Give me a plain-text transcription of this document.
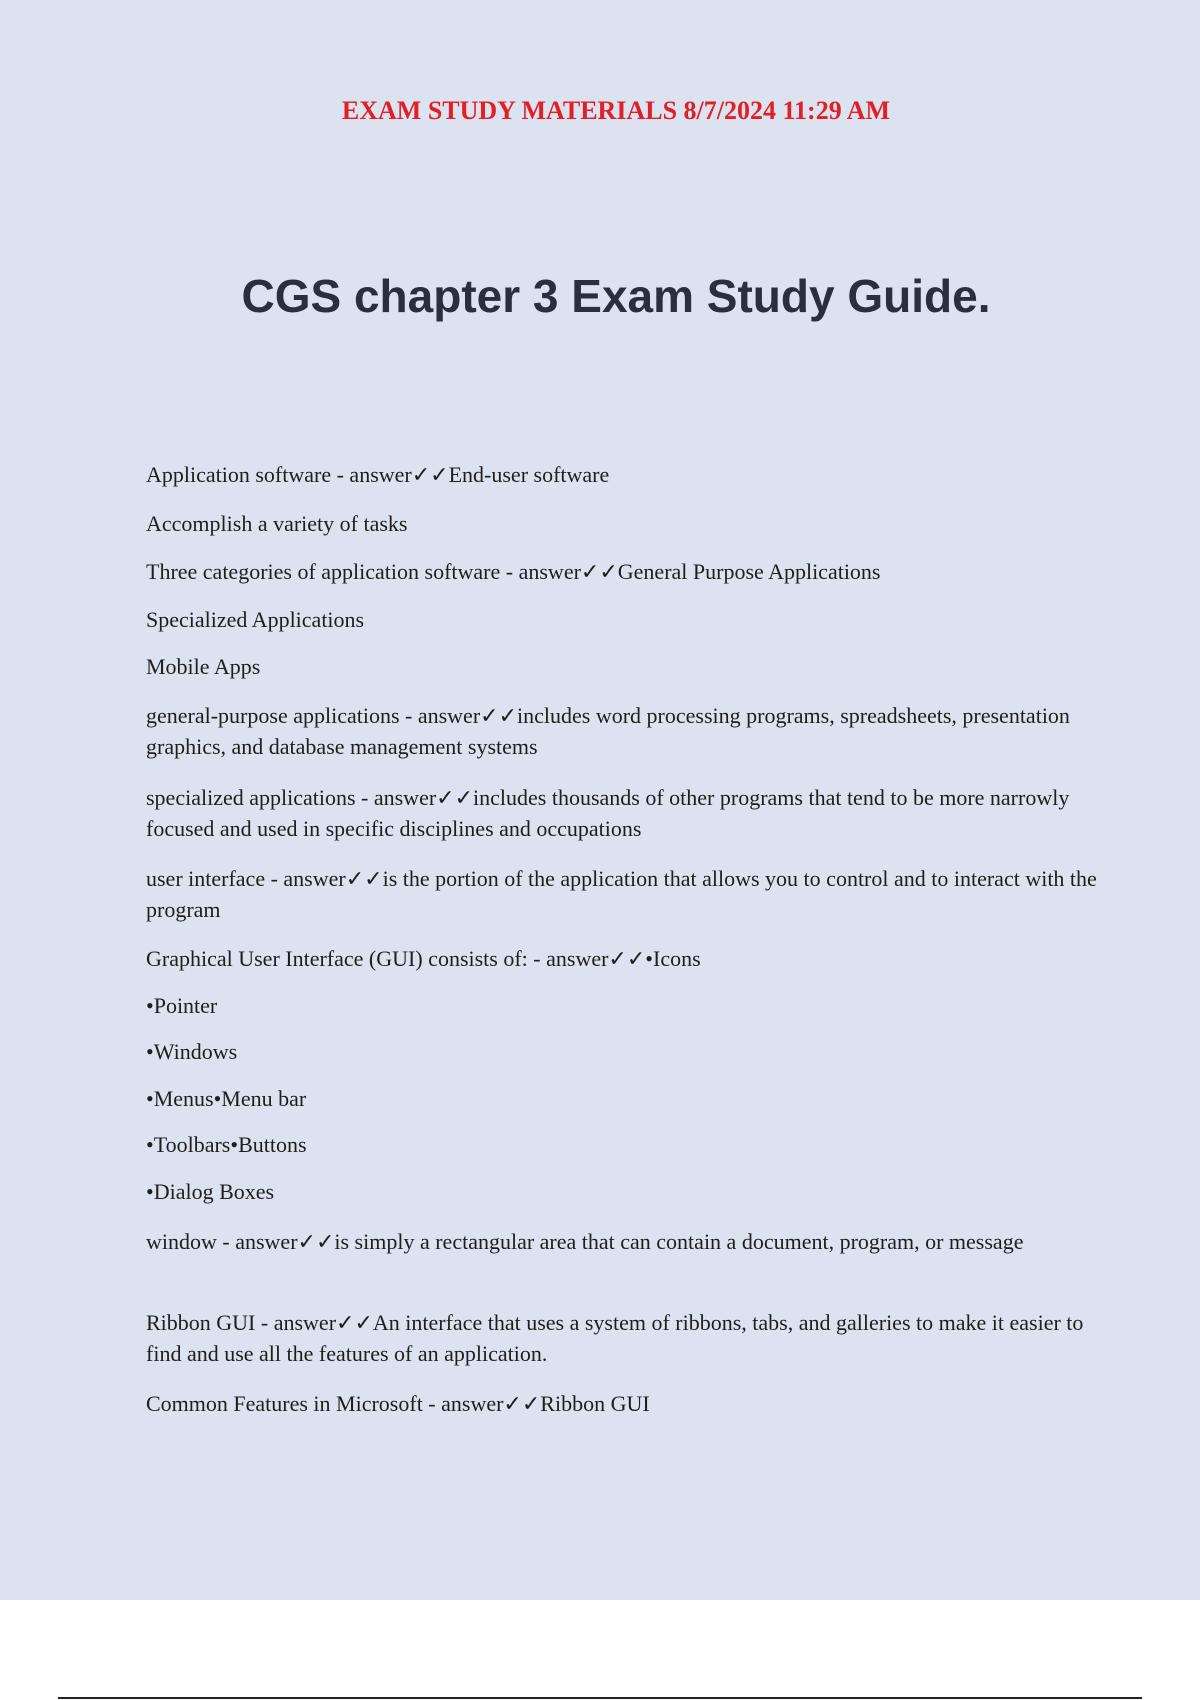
EXAM STUDY MATERIALS 8/7/2024 11:29 AM
CGS chapter 3 Exam Study Guide.

Application software - answer✓✓End-user software

Accomplish a variety of tasks

Three categories of application software - answer✓✓General Purpose Applications

Specialized Applications

Mobile Apps

general-purpose applications - answer✓✓includes word processing programs, spreadsheets, presentation graphics, and database management systems

specialized applications - answer✓✓includes thousands of other programs that tend to be more narrowly focused and used in specific disciplines and occupations

user interface - answer✓✓is the portion of the application that allows you to control and to interact with the program

Graphical User Interface (GUI) consists of: - answer✓✓•Icons

•Pointer

•Windows

•Menus•Menu bar

•Toolbars•Buttons

•Dialog Boxes

window - answer✓✓is simply a rectangular area that can contain a document, program, or message

Ribbon GUI - answer✓✓An interface that uses a system of ribbons, tabs, and galleries to make it easier to find and use all the features of an application.

Common Features in Microsoft - answer✓✓Ribbon GUI
